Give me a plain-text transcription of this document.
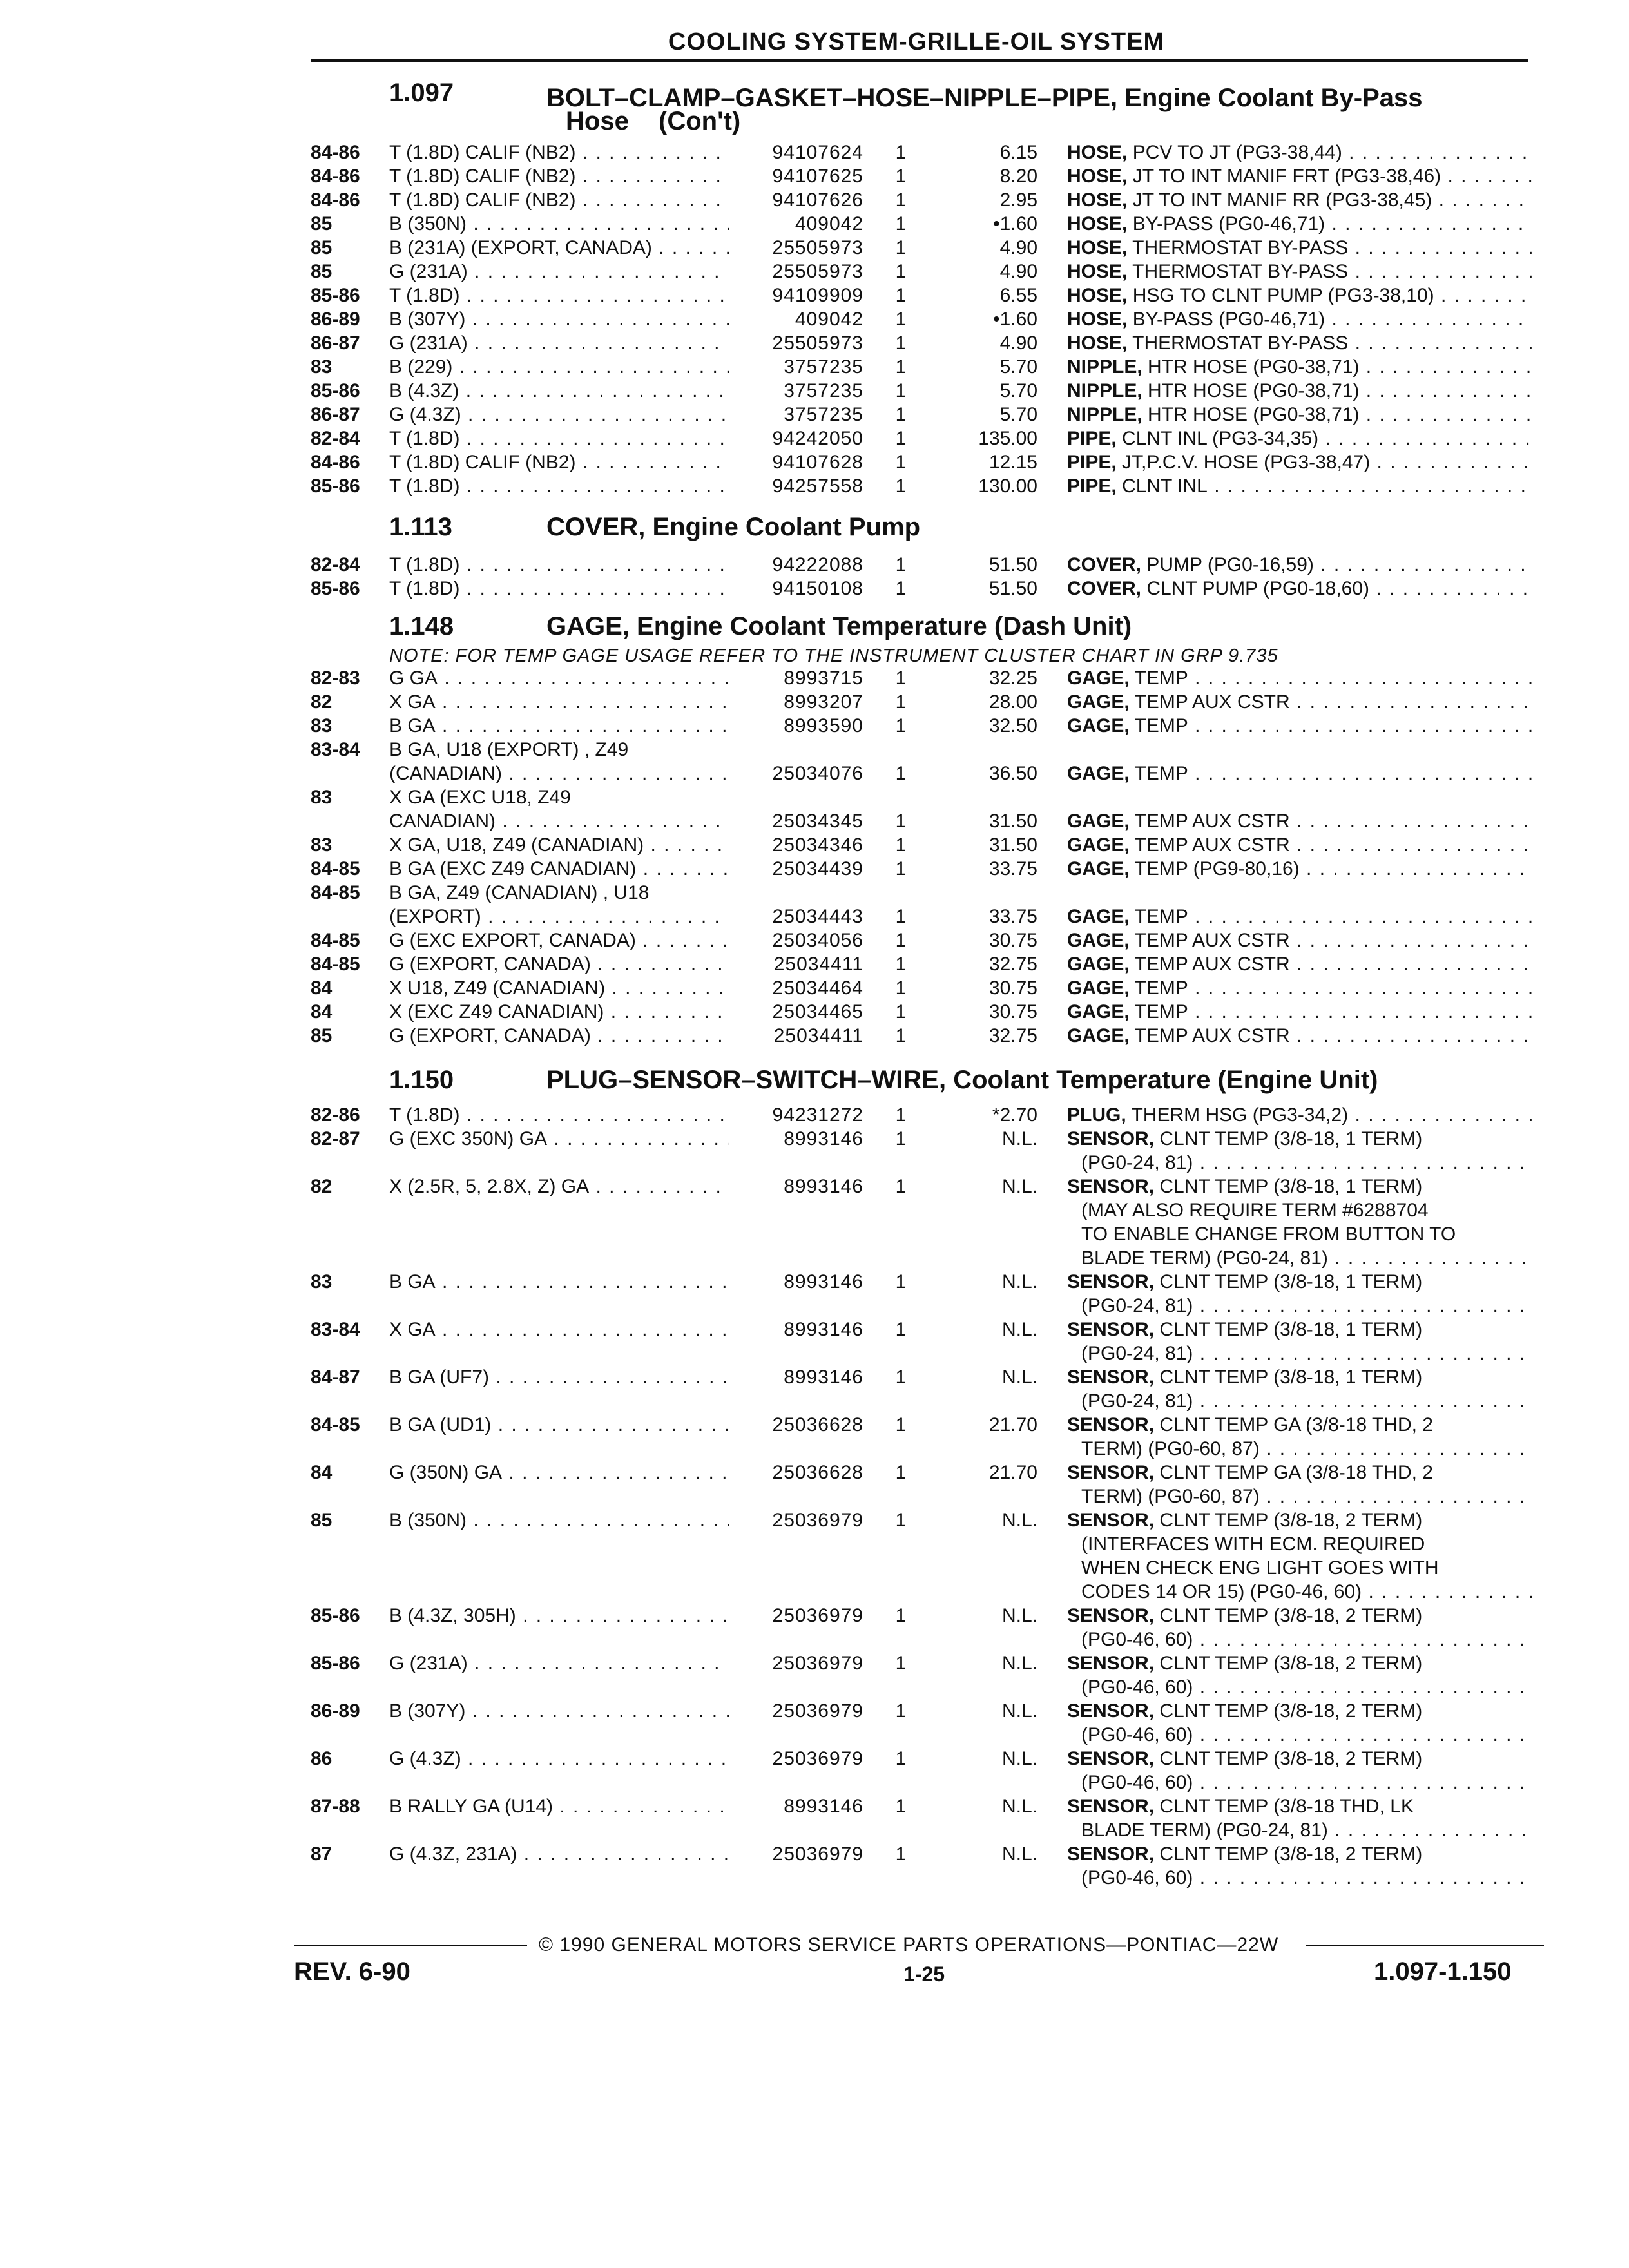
COOLING SYSTEM-GRILLE-OIL SYSTEM
1.097	BOLT–CLAMP–GASKET–HOSE–NIPPLE–PIPE, Engine Coolant By-Pass
Hose (Con't)
1.113	COVER, Engine Coolant Pump
1.148	GAGE, Engine Coolant Temperature (Dash Unit)
NOTE: FOR TEMP GAGE USAGE REFER TO THE INSTRUMENT CLUSTER CHART IN GRP 9.735
1.150	PLUG–SENSOR–SWITCH–WIRE, Coolant Temperature (Engine Unit)
84-86 T (1.8D) CALIF (NB2) . . .	94107624 1	6.15 HOSE, PCV TO JT (PG3-38,44) . . .
84-86 T (1.8D) CALIF (NB2) . . .	94107625 1	8.20 HOSE, JT TO INT MANIF FRT (PG3-38,46) . . .
84-86 T (1.8D) CALIF (NB2) . . .	94107626 1	2.95 HOSE, JT TO INT MANIF RR (PG3-38,45) . . .
85	B (350N) . . .	409042 1	•1.60 HOSE, BY-PASS (PG0-46,71) . . .
85	B (231A) (EXPORT, CANADA) . . .	25505973 1	4.90 HOSE, THERMOSTAT BY-PASS . . .
85	G (231A) . . .	25505973 1	4.90 HOSE, THERMOSTAT BY-PASS . . .
85-86 T (1.8D) . . .	94109909 1	6.55 HOSE, HSG TO CLNT PUMP (PG3-38,10) . . .
86-89 B (307Y) . . .	409042 1	•1.60 HOSE, BY-PASS (PG0-46,71) . . .
86-87 G (231A) . . .	25505973 1	4.90 HOSE, THERMOSTAT BY-PASS . . .
83	B (229) . . .	3757235 1	5.70 NIPPLE, HTR HOSE (PG0-38,71) . . .
85-86 B (4.3Z) . . .	3757235 1	5.70 NIPPLE, HTR HOSE (PG0-38,71) . . .
86-87 G (4.3Z) . . .	3757235 1	5.70 NIPPLE, HTR HOSE (PG0-38,71) . . .
82-84 T (1.8D) . . .	94242050 1	135.00 PIPE, CLNT INL (PG3-34,35) . . .
84-86 T (1.8D) CALIF (NB2) . . .	94107628 1	12.15 PIPE, JT,P.C.V. HOSE (PG3-38,47) . . .
85-86 T (1.8D) . . .	94257558 1	130.00 PIPE, CLNT INL . . .
82-84 T (1.8D) . . .	94222088 1	51.50 COVER, PUMP (PG0-16,59) . . .
85-86 T (1.8D) . . .	94150108 1	51.50 COVER, CLNT PUMP (PG0-18,60) . . .
82-83 G GA . . .	8993715 1	32.25 GAGE, TEMP . . .
82	X GA . . .	8993207 1	28.00 GAGE, TEMP AUX CSTR . . .
83	B GA . . .	8993590 1	32.50 GAGE, TEMP . . .
83-84 B GA, U18 (EXPORT) , Z49
(CANADIAN) . . .	25034076 1	36.50 GAGE, TEMP . . .
83	X GA (EXC U18, Z49
CANADIAN) . . .	25034345 1	31.50 GAGE, TEMP AUX CSTR . . .
83	X GA, U18, Z49 (CANADIAN) . . .	25034346 1	31.50 GAGE, TEMP AUX CSTR . . .
84-85 B GA (EXC Z49 CANADIAN) . . .	25034439 1	33.75 GAGE, TEMP (PG9-80,16) . . .
84-85 B GA, Z49 (CANADIAN) , U18
(EXPORT) . . .	25034443 1	33.75 GAGE, TEMP . . .
84-85 G (EXC EXPORT, CANADA) . . .	25034056 1	30.75 GAGE, TEMP AUX CSTR . . .
84-85 G (EXPORT, CANADA) . . .	25034411 1	32.75 GAGE, TEMP AUX CSTR . . .
84	X U18, Z49 (CANADIAN) . . .	25034464 1	30.75 GAGE, TEMP . . .
84	X (EXC Z49 CANADIAN) . . .	25034465 1	30.75 GAGE, TEMP . . .
85	G (EXPORT, CANADA) . . .	25034411 1	32.75 GAGE, TEMP AUX CSTR . . .
82-86 T (1.8D) . . .	94231272 1	*2.70 PLUG, THERM HSG (PG3-34,2) . . .
82-87 G (EXC 350N) GA . . .	8993146 1	N.L. SENSOR, CLNT TEMP (3/8-18, 1 TERM)
(PG0-24, 81) . . .
82	X (2.5R, 5, 2.8X, Z) GA . . .	8993146 1	N.L. SENSOR, CLNT TEMP (3/8-18, 1 TERM)
(MAY ALSO REQUIRE TERM #6288704
TO ENABLE CHANGE FROM BUTTON TO
BLADE TERM) (PG0-24, 81) . . .
83	B GA . . .	8993146 1	N.L. SENSOR, CLNT TEMP (3/8-18, 1 TERM)
(PG0-24, 81) . . .
83-84 X GA . . .	8993146 1	N.L. SENSOR, CLNT TEMP (3/8-18, 1 TERM)
(PG0-24, 81) . . .
84-87 B GA (UF7) . . .	8993146 1	N.L. SENSOR, CLNT TEMP (3/8-18, 1 TERM)
(PG0-24, 81) . . .
84-85 B GA (UD1) . . .	25036628 1	21.70 SENSOR, CLNT TEMP GA (3/8-18 THD, 2
TERM) (PG0-60, 87) . . .
84	G (350N) GA . . .	25036628 1	21.70 SENSOR, CLNT TEMP GA (3/8-18 THD, 2
TERM) (PG0-60, 87) . . .
85	B (350N) . . .	25036979 1	N.L. SENSOR, CLNT TEMP (3/8-18, 2 TERM)
(INTERFACES WITH ECM. REQUIRED
WHEN CHECK ENG LIGHT GOES WITH
CODES 14 OR 15) (PG0-46, 60) . . .
85-86 B (4.3Z, 305H) . . .	25036979 1	N.L. SENSOR, CLNT TEMP (3/8-18, 2 TERM)
(PG0-46, 60) . . .
85-86 G (231A) . . .	25036979 1	N.L. SENSOR, CLNT TEMP (3/8-18, 2 TERM)
(PG0-46, 60) . . .
86-89 B (307Y) . . .	25036979 1	N.L. SENSOR, CLNT TEMP (3/8-18, 2 TERM)
(PG0-46, 60) . . .
86	G (4.3Z) . . .	25036979 1	N.L. SENSOR, CLNT TEMP (3/8-18, 2 TERM)
(PG0-46, 60) . . .
87-88 B RALLY GA (U14) . . .	8993146 1	N.L. SENSOR, CLNT TEMP (3/8-18 THD, LK
BLADE TERM) (PG0-24, 81) . . .
87	G (4.3Z, 231A) . . .	25036979 1	N.L. SENSOR, CLNT TEMP (3/8-18, 2 TERM)
(PG0-46, 60) . . .
© 1990 GENERAL MOTORS SERVICE PARTS OPERATIONS—PONTIAC—22W
REV. 6-90	1-25	1.097-1.150
